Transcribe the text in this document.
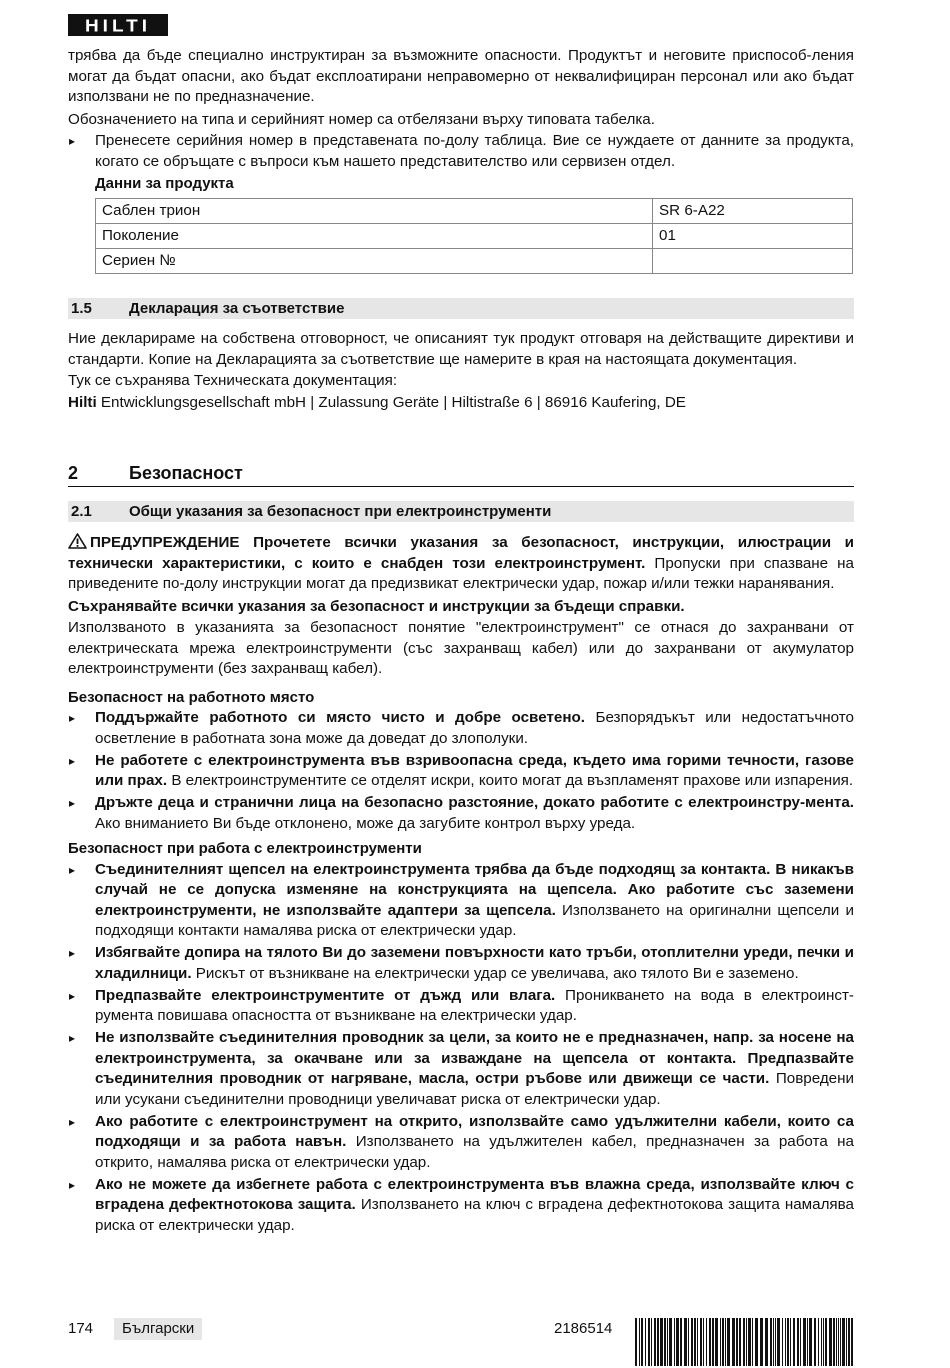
HILTI

трябва да бъде специално инструктиран за възможните опасности. Продуктът и неговите приспособ-ления могат да бъдат опасни, ако бъдат експлоатирани неправомерно от неквалифициран персонал или ако бъдат използвани не по предназначение.

Обозначението на типа и серийният номер са отбелязани върху типовата табелка.

▸ Пренесете серийния номер в представената по-долу таблица. Вие се нуждаете от данните за продукта, когато се обръщате с въпроси към нашето представителство или сервизен отдел.
Данни за продукта
Саблен трион	SR 6-A22
Поколение	01
Сериен №	
1.5 Декларация за съответствие

Ние декларираме на собствена отговорност, че описаният тук продукт отговаря на действащите директиви и стандарти. Копие на Декларацията за съответствие ще намерите в края на настоящата документация.

Тук се съхранява Техническата документация:

Hilti Entwicklungsgesellschaft mbH | Zulassung Geräte | Hiltistraße 6 | 86916 Kaufering, DE

2	Безопасност
2.1 Общи указания за безопасност при електроинструменти

ПРЕДУПРЕЖДЕНИЕ Прочетете всички указания за безопасност, инструкции, илюстрации и технически характеристики, с които е снабден този електроинструмент. Пропуски при спазване на приведените по-долу инструкции могат да предизвикат електрически удар, пожар и/или тежки наранявания.

Съхранявайте всички указания за безопасност и инструкции за бъдещи справки.

Използваното в указанията за безопасност понятие "електроинструмент" се отнася до захранвани от електрическата мрежа електроинструменти (със захранващ кабел) или до захранвани от акумулатор електроинструменти (без захранващ кабел).

Безопасност на работното място
▸ Поддържайте работното си място чисто и добре осветено. Безпорядъкът или недостатъчното осветление в работната зона може да доведат до злополуки.
▸ Не работете с електроинструмента във взривоопасна среда, където има горими течности, газове или прах. В електроинструментите се отделят искри, които могат да възпламенят прахове или изпарения.
▸ Дръжте деца и странични лица на безопасно разстояние, докато работите с електроинстру-мента. Ако вниманието Ви бъде отклонено, може да загубите контрол върху уреда.
Безопасност при работа с електроинструменти
▸ Съединителният щепсел на електроинструмента трябва да бъде подходящ за контакта. В никакъв случай не се допуска изменяне на конструкцията на щепсела. Ако работите със заземени електроинструменти, не използвайте адаптери за щепсела. Използването на оригинални щепсели и подходящи контакти намалява риска от електрически удар.
▸ Избягвайте допира на тялото Ви до заземени повърхности като тръби, отоплителни уреди, печки и хладилници. Рискът от възникване на електрически удар се увеличава, ако тялото Ви е заземено.
▸ Предпазвайте електроинструментите от дъжд или влага. Проникването на вода в електроинст-румента повишава опасността от възникване на електрически удар.
▸ Не използвайте съединителния проводник за цели, за които не е предназначен, напр. за носене на електроинструмента, за окачване или за изваждане на щепсела от контакта. Предпазвайте съединителния проводник от нагряване, масла, остри ръбове или движещи се части. Повредени или усукани съединителни проводници увеличават риска от електрически удар.
▸ Ако работите с електроинструмент на открито, използвайте само удължителни кабели, които са подходящи и за работа навън. Използването на удължителен кабел, предназначен за работа на открито, намалява риска от електрически удар.
▸ Ако не можете да избегнете работа с електроинструмента във влажна среда, използвайте ключ с вградена дефектнотокова защита. Използването на ключ с вградена дефектнотокова защита намалява риска от електрически удар.
174	Български	2186514
